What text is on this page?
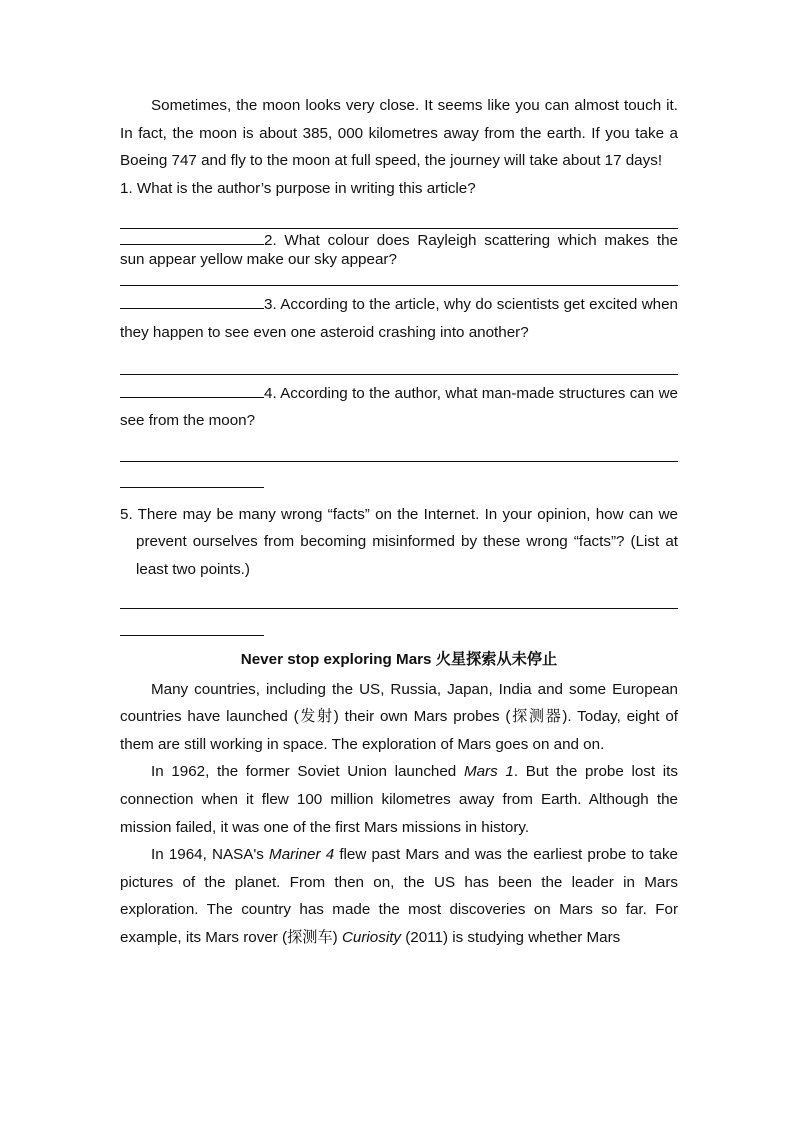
Sometimes, the moon looks very close. It seems like you can almost touch it. In fact, the moon is about 385, 000 kilometres away from the earth. If you take a Boeing 747 and fly to the moon at full speed, the journey will take about 17 days!

1. What is the author’s purpose in writing this article?

2. What colour does Rayleigh scattering which makes the sun appear yellow make our sky appear?

3. According to the article, why do scientists get excited when they happen to see even one asteroid crashing into another?

4. According to the author, what man-made structures can we see from the moon?

5. There may be many wrong “facts” on the Internet. In your opinion, how can we prevent ourselves from becoming misinformed by these wrong “facts”? (List at least two points.)

Never stop exploring Mars 火星探索从未停止

Many countries, including the US, Russia, Japan, India and some European countries have launched (发射) their own Mars probes (探测器). Today, eight of them are still working in space. The exploration of Mars goes on and on.

In 1962, the former Soviet Union launched Mars 1. But the probe lost its connection when it flew 100 million kilometres away from Earth. Although the mission failed, it was one of the first Mars missions in history.

In 1964, NASA's Mariner 4 flew past Mars and was the earliest probe to take pictures of the planet. From then on, the US has been the leader in Mars exploration. The country has made the most discoveries on Mars so far. For example, its Mars rover (探测车) Curiosity (2011) is studying whether Mars
